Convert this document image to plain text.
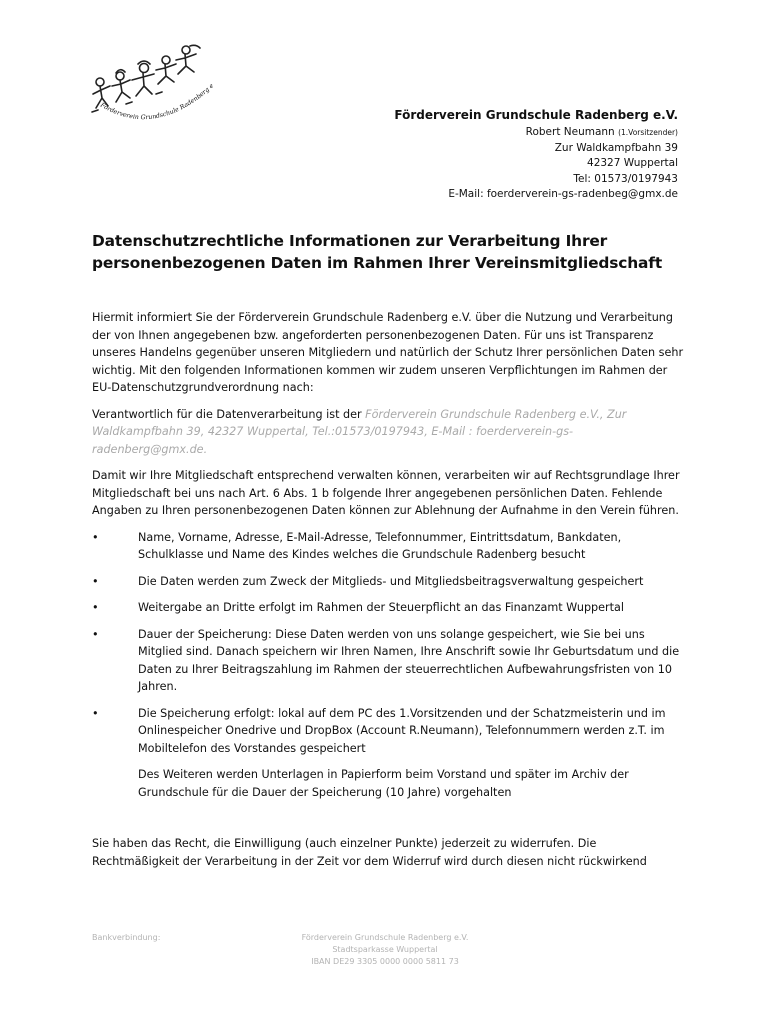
Förderverein Grundschule Radenberg e
Förderverein Grundschule Radenberg e.V.
Robert Neumann (1.Vorsitzender)
Zur Waldkampfbahn 39
42327 Wuppertal
Tel: 01573/0197943
E-Mail: foerderverein-gs-radenbeg@gmx.de
Datenschutzrechtliche Informationen zur Verarbeitung Ihrer
personenbezogenen Daten im Rahmen Ihrer Vereinsmitgliedschaft

Hiermit informiert Sie der Förderverein Grundschule Radenberg e.V. über die Nutzung und Verarbeitung der von Ihnen angegebenen bzw. angeforderten personenbezogenen Daten. Für uns ist Transparenz unseres Handelns gegenüber unseren Mitgliedern und natürlich der Schutz Ihrer persönlichen Daten sehr wichtig. Mit den folgenden Informationen kommen wir zudem unseren Verpflichtungen im Rahmen der EU-Datenschutzgrundverordnung nach:

Verantwortlich für die Datenverarbeitung ist der Förderverein Grundschule Radenberg e.V., Zur Waldkampfbahn 39, 42327 Wuppertal, Tel.:01573/0197943, E-Mail : foerderverein-gs-radenberg@gmx.de.

Damit wir Ihre Mitgliedschaft entsprechend verwalten können, verarbeiten wir auf Rechtsgrundlage Ihrer Mitgliedschaft bei uns nach Art. 6 Abs. 1 b folgende Ihrer angegebenen persönlichen Daten. Fehlende Angaben zu Ihren personenbezogenen Daten können zur Ablehnung der Aufnahme in den Verein führen.

•	Name, Vorname, Adresse, E-Mail-Adresse, Telefonnummer, Eintrittsdatum, Bankdaten, Schulklasse und Name des Kindes welches die Grundschule Radenberg besucht
•	Die Daten werden zum Zweck der Mitglieds- und Mitgliedsbeitragsverwaltung gespeichert
•	Weitergabe an Dritte erfolgt im Rahmen der Steuerpflicht an das Finanzamt Wuppertal
•	Dauer der Speicherung: Diese Daten werden von uns solange gespeichert, wie Sie bei uns Mitglied sind. Danach speichern wir Ihren Namen, Ihre Anschrift sowie Ihr Geburtsdatum und die Daten zu Ihrer Beitragszahlung im Rahmen der steuerrechtlichen Aufbewahrungsfristen von 10 Jahren.
•	Die Speicherung erfolgt: lokal auf dem PC des 1.Vorsitzenden und der Schatzmeisterin und im Onlinespeicher Onedrive und DropBox (Account R.Neumann), Telefonnummern werden z.T. im Mobiltelefon des Vorstandes gespeichert

Des Weiteren werden Unterlagen in Papierform beim Vorstand und später im Archiv der Grundschule für die Dauer der Speicherung (10 Jahre) vorgehalten

Sie haben das Recht, die Einwilligung (auch einzelner Punkte) jederzeit zu widerrufen. Die Rechtmäßigkeit der Verarbeitung in der Zeit vor dem Widerruf wird durch diesen nicht rückwirkend

Bankverbindung:	Förderverein Grundschule Radenberg e.V.
Stadtsparkasse Wuppertal
IBAN DE29 3305 0000 0000 5811 73
